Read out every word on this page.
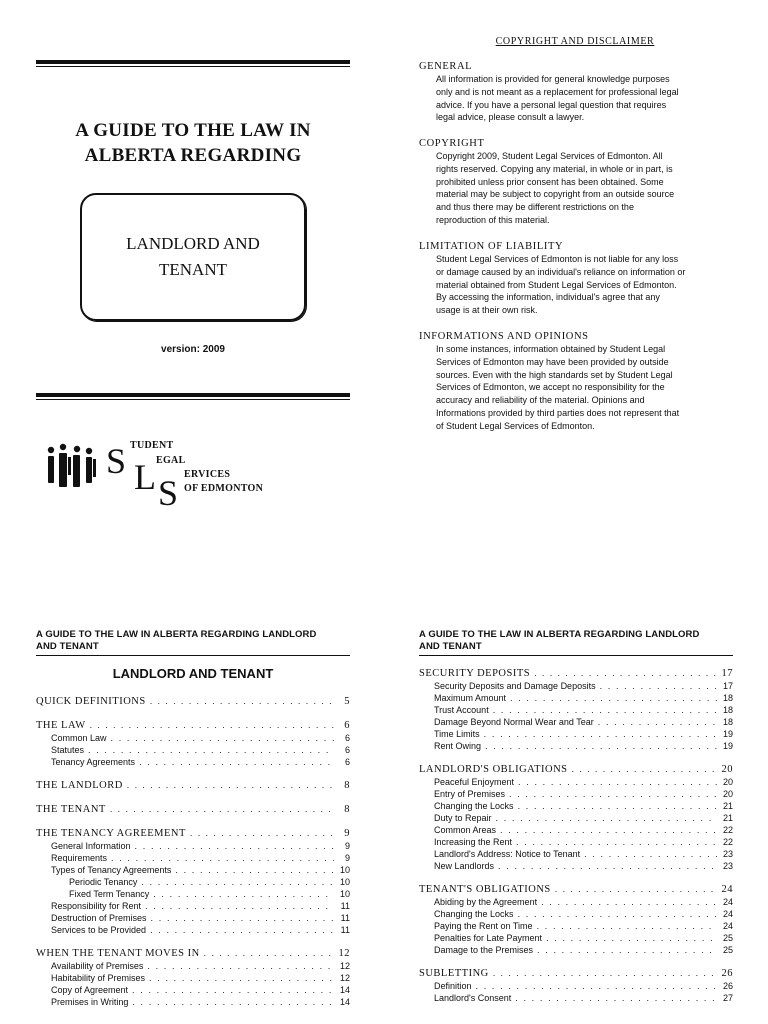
A GUIDE TO THE LAW IN
ALBERTA REGARDING
LANDLORD AND
TENANT
version: 2009
S TUDENT
EGAL
L S ERVICES
OF EDMONTON
COPYRIGHT AND DISCLAIMER

GENERAL

All information is provided for general knowledge purposes
only and is not meant as a replacement for professional legal
advice. If you have a personal legal question that requires
legal advice, please consult a lawyer.

COPYRIGHT

Copyright 2009, Student Legal Services of Edmonton. All
rights reserved. Copying any material, in whole or in part, is
prohibited unless prior consent has been obtained. Some
material may be subject to copyright from an outside source
and thus there may be different restrictions on the
reproduction of this material.

LIMITATION OF LIABILITY

Student Legal Services of Edmonton is not liable for any loss
or damage caused by an individual's reliance on information or
material obtained from Student Legal Services of Edmonton.
By accessing the information, individual's agree that any
usage is at their own risk.

INFORMATIONS AND OPINIONS

In some instances, information obtained by Student Legal
Services of Edmonton may have been provided by outside
sources. Even with the high standards set by Student Legal
Services of Edmonton, we accept no responsibility for the
accuracy and reliability of the material. Opinions and
Informations provided by third parties does not represent that
of Student Legal Services of Edmonton.
A GUIDE TO THE LAW IN ALBERTA REGARDING LANDLORD
AND TENANT
LANDLORD AND TENANT
QUICK DEFINITIONS . . .	5
THE LAW . . .	6
Common Law . . .	6
Statutes . . .	6
Tenancy Agreements . . .	6
THE LANDLORD . . .	8
THE TENANT . . .	8
THE TENANCY AGREEMENT . . .	9
General Information . . .	9
Requirements . . .	9
Types of Tenancy Agreements . . .	10
Periodic Tenancy . . .	10
Fixed Term Tenancy . . .	10
Responsibility for Rent . . .	11
Destruction of Premises . . .	11
Services to be Provided . . .	11
WHEN THE TENANT MOVES IN . . .	12
Availability of Premises . . .	12
Habitability of Premises . . .	12
Copy of Agreement . . .	14
Premises in Writing . . .	14
A GUIDE TO THE LAW IN ALBERTA REGARDING LANDLORD
AND TENANT
SECURITY DEPOSITS . . .	17
Security Deposits and Damage Deposits . . .	17
Maximum Amount . . .	18
Trust Account . . .	18
Damage Beyond Normal Wear and Tear . . .	18
Time Limits . . .	19
Rent Owing . . .	19
LANDLORD'S OBLIGATIONS . . .	20
Peaceful Enjoyment . . .	20
Entry of Premises . . .	20
Changing the Locks . . .	21
Duty to Repair . . .	21
Common Areas . . .	22
Increasing the Rent . . .	22
Landlord's Address: Notice to Tenant . . .	23
New Landlords . . .	23
TENANT'S OBLIGATIONS . . .	24
Abiding by the Agreement . . .	24
Changing the Locks . . .	24
Paying the Rent on Time . . .	24
Penalties for Late Payment . . .	25
Damage to the Premises . . .	25
SUBLETTING . . .	26
Definition . . .	26
Landlord's Consent . . .	27
